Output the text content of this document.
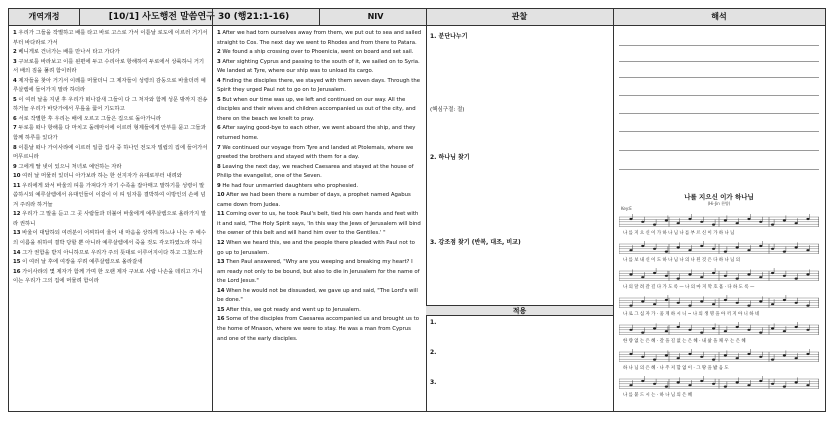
개역개정	[10/1] 사도행전 말씀연구 30 (행21:1-16)	NIV	관찰	해석

1 우리가 그들을 작별하고 배를 타고 바로 고스로 가서 이튿날 로도에 이르러 거기서부터 바다라로 가서

2 베니게로 건너가는 배를 만나서 타고 가다가

3 구브로를 바라보고 이를 왼편에 두고 수리아로 항해하여 두로에서 상륙하니 거기서 배의 짐을 풀려 함이러라

4 제자들을 찾아 거기서 이레를 머물더니 그 제자들이 성령의 감동으로 바울더러 예루살렘에 들어가지 말라 하더라

5 이 여러 날을 지낸 후 우리가 떠나갈새 그들이 다 그 처자와 함께 성문 밖까지 전송하거늘 우리가 바닷가에서 무릎을 꿇어 기도하고

6 서로 작별한 후 우리는 배에 오르고 그들은 집으로 돌아가니라

7 두로를 떠나 항해를 다 마치고 돌레마이에 이르러 형제들에게 안부를 묻고 그들과 함께 하루를 있다가

8 이튿날 떠나 가이사랴에 이르러 일곱 집사 중 하나인 전도자 빌립의 집에 들어가서 머무르니라

9 그에게 딸 넷이 있으니 처녀로 예언하는 자라

10 여러 날 머물러 있더니 아가보라 하는 한 선지자가 유대로부터 내려와

11 우리에게 와서 바울의 띠를 가져다가 자기 수족을 잡아매고 말하기를 성령이 말씀하시되 예루살렘에서 유대인들이 이같이 이 띠 임자를 결박하여 이방인의 손에 넘겨 주리라 하거늘

12 우리가 그 말을 듣고 그 곳 사람들과 더불어 바울에게 예루살렘으로 올라가지 말라 권하니

13 바울이 대답하되 여러분이 어찌하여 울어 내 마음을 상하게 하느냐 나는 주 예수의 이름을 위하여 결박 당할 뿐 아니라 예루살렘에서 죽을 것도 각오하였노라 하니

14 그가 권함을 받지 아니하므로 우리가 주의 뜻대로 이루어지이다 하고 그쳤노라

15 이 여러 날 후에 여장을 꾸려 예루살렘으로 올라갈새

16 가이사랴의 몇 제자가 함께 가며 한 오랜 제자 구브로 사람 나손을 데리고 가니 이는 우리가 그의 집에 머물려 함이라

1 After we had torn ourselves away from them, we put out to sea and sailed straight to Cos. The next day we went to Rhodes and from there to Patara.

2 We found a ship crossing over to Phoenicia, went on board and set sail.

3 After sighting Cyprus and passing to the south of it, we sailed on to Syria. We landed at Tyre, where our ship was to unload its cargo.

4 Finding the disciples there, we stayed with them seven days. Through the Spirit they urged Paul not to go on to Jerusalem.

5 But when our time was up, we left and continued on our way. All the disciples and their wives and children accompanied us out of the city, and there on the beach we knelt to pray.

6 After saying good-bye to each other, we went aboard the ship, and they returned home.

7 We continued our voyage from Tyre and landed at Ptolemais, where we greeted the brothers and stayed with them for a day.

8 Leaving the next day, we reached Caesarea and stayed at the house of Philip the evangelist, one of the Seven.

9 He had four unmarried daughters who prophesied.

10 After we had been there a number of days, a prophet named Agabus came down from Judea.

11 Coming over to us, he took Paul's belt, tied his own hands and feet with it and said, "The Holy Spirit says, 'In this way the Jews of Jerusalem will bind the owner of this belt and will hand him over to the Gentiles.' "

12 When we heard this, we and the people there pleaded with Paul not to go up to Jerusalem.

13 Then Paul answered, "Why are you weeping and breaking my heart? I am ready not only to be bound, but also to die in Jerusalem for the name of the Lord Jesus."

14 When he would not be dissuaded, we gave up and said, "The Lord's will be done."

15 After this, we got ready and went up to Jerusalem.

16 Some of the disciples from Caesarea accompanied us and brought us to the home of Mnason, where we were to stay. He was a man from Cyprus and one of the early disciples.

1. 분단나누기
(핵심구절: 절)
2. 하나님 찾기
3. 강조점 찾기 (반복, 대조, 비교)
적용
1.
2.
3.
나를 지으신 이가 하나님
(Hi-Jin 찬양)
Key:E
나 를 지 으 신 이 가 하 나 님 나 를 부 르 신 이 가 하 나 님
나 를 보 내 신 이 도 하 나 님 나 의 나 된 것 은 다 하 나 님 의
나 의 달 려 갈 길 다 가 도 록 — 나 의 마 지 막 호 흡 · 다 하 도 록 —
나 로 그 십 자 가 · 품 게 하 시 니 ~ 나 의 생 명 을 아 끼 지 아 니 하 네
한 량 없 는 은 혜 · 갚 을 길 없 는 은 혜 · 내 삶 을 채 우 는 은 혜
하 나 님 의 은 혜 · 나 주 저 함 없 이 · 그 땅 을 밟 음 도
나 를 붙 드 시 는 · 하 나 님 의 은 혜
